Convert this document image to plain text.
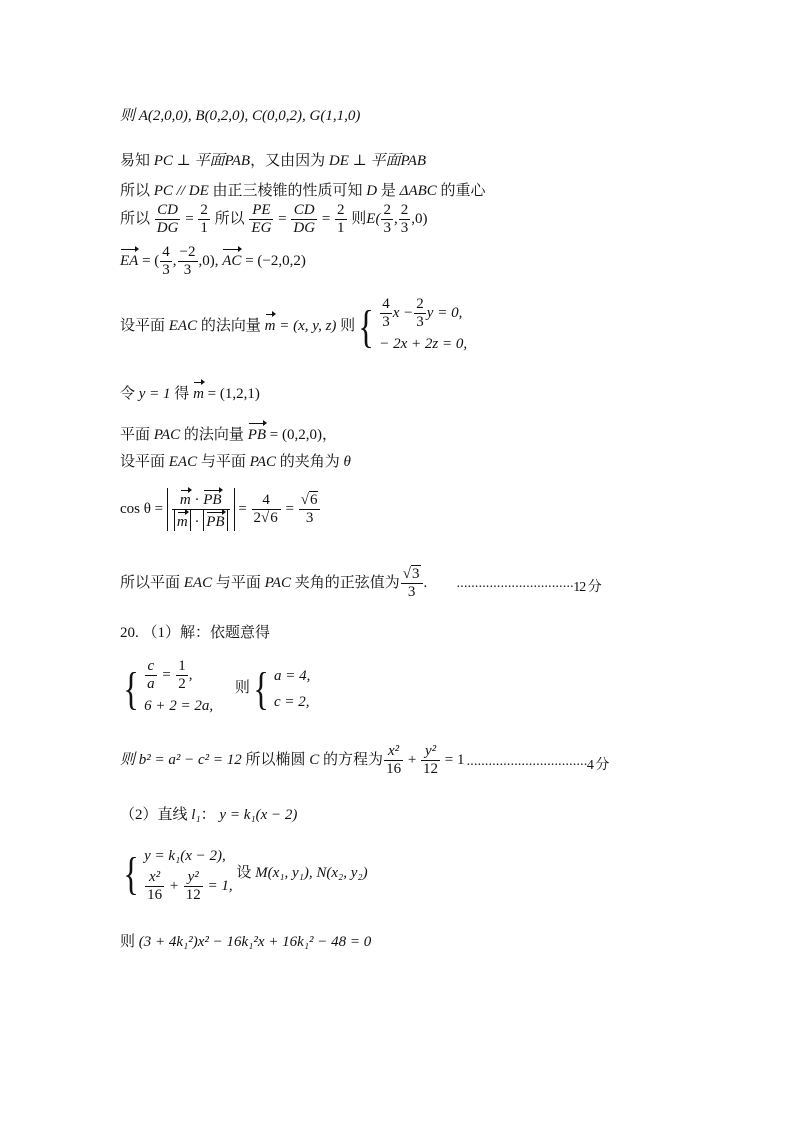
则 A(2,0,0), B(0,2,0), C(0,0,2), G(1,1,0)
易知 PC ⊥ 平面PAB，又由因为 DE ⊥ 平面PAB
所以 PC // DE 由正三棱锥的性质可知 D 是 ΔABC 的重心
所以 $\frac{CD}{DG} = \frac{2}{1}$ 所以 $\frac{PE}{EG} = \frac{CD}{DG} = \frac{2}{1}$ 则$E( \frac{2}{3}$ , $\frac{2}{3} ,0$)
EA = ( $\frac{4}{3}$ , $\frac{-2}{3} ,0$), AC = (−2,0,2)
设平面 EAC 的法向量 m = (x, y, z) 则{ $\frac{4}{3}$ $x - \frac{2}{3}$ y = 0,
− 2x + 2z = 0,
令 y = 1 得 m = (1,2,1)
平面 PAC 的法向量 PB = (0,2,0)，
设平面 EAC 与平面 PAC 的夹角为 θ
$\cos \theta = \frac{m \cdot PB}{m \cdot PB} = \frac{4}{2√6} = \frac{√6}{3}$
所以平面 EAC 与平面 PAC 夹角的正弦值为 $\frac{√3}{3}$ . ································12 分
20. （1）解：依题意得
{ $\frac{c}{a} = \frac{1}{2}$ ,
6 + 2 = 2a,
则{ a = 4,
c = 2,
则 b² = a² − c² = 12 所以椭圆 C 的方程为 $\frac{\text{x²}}{16} + \frac{\text{y²}}{12} = 1 \cdot\cdot\cdot\cdot\cdot\cdot\cdot\cdot\cdot\cdot\cdot\cdot\cdot\cdot\cdot\cdot\cdot\cdot\cdot\cdot\cdot\cdot\cdot\cdot\cdot\cdot\cdot\cdot\cdot\cdot\cdot\cdot\cdot 4$ 分
（2）直线 l₁： y = k₁(x − 2)
{ y = k₁(x − 2),
$\frac{\text{x²}}{16} + \frac{\text{y²}}{12} = 1$,
设 M(x₁, y₁), N(x₂, y₂)
则 (3 + 4k₁²)x² − 16k₁²x + 16k₁² − 48 = 0
